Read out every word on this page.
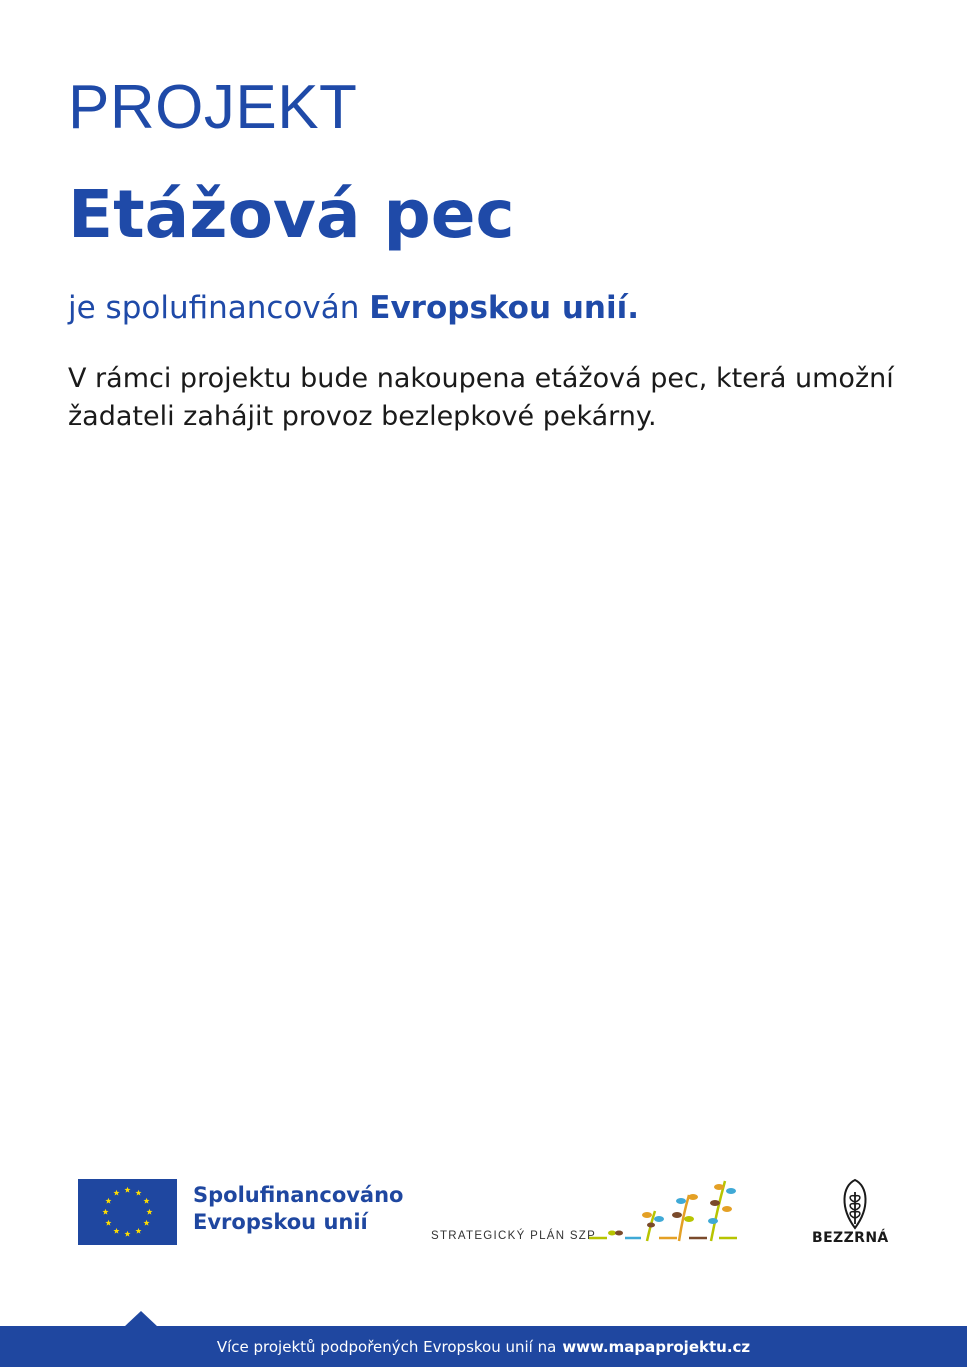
PROJEKT
Etážová pec
je spolufinancován Evropskou unií.
V rámci projektu bude nakoupena etážová pec, která umožní
žadateli zahájit provoz bezlepkové pekárny.
Spolufinancováno
Evropskou unií
STRATEGICKÝ PLÁN SZP	BEZZRNÁ
Více projektů podpořených Evropskou unií na www.mapaprojektu.cz
